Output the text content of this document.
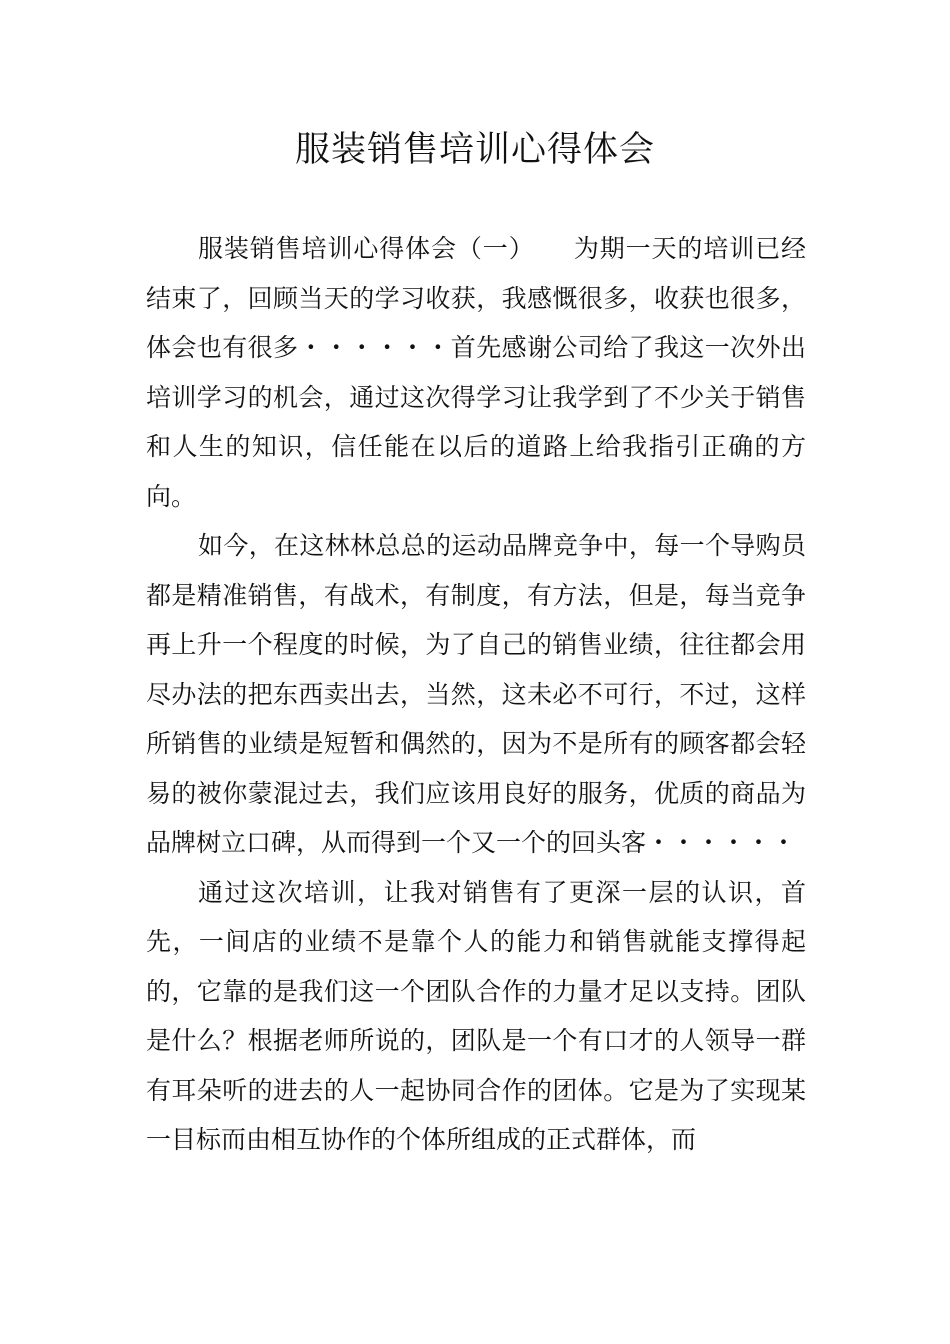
服装销售培训心得体会

服装销售培训心得体会（一）　　为期一天的培训已经结束了，回顾当天的学习收获，我感慨很多，收获也很多，体会也有很多・・・・・・首先感谢公司给了我这一次外出培训学习的机会，通过这次得学习让我学到了不少关于销售和人生的知识，信任能在以后的道路上给我指引正确的方向。

如今，在这林林总总的运动品牌竞争中，每一个导购员都是精准销售，有战术，有制度，有方法，但是，每当竞争再上升一个程度的时候，为了自己的销售业绩，往往都会用尽办法的把东西卖出去，当然，这未必不可行，不过，这样所销售的业绩是短暂和偶然的，因为不是所有的顾客都会轻易的被你蒙混过去，我们应该用良好的服务，优质的商品为品牌树立口碑，从而得到一个又一个的回头客・・・・・・

通过这次培训，让我对销售有了更深一层的认识，首先，一间店的业绩不是靠个人的能力和销售就能支撑得起的，它靠的是我们这一个团队合作的力量才足以支持。团队是什么？根据老师所说的，团队是一个有口才的人领导一群有耳朵听的进去的人一起协同合作的团体。它是为了实现某一目标而由相互协作的个体所组成的正式群体，而
